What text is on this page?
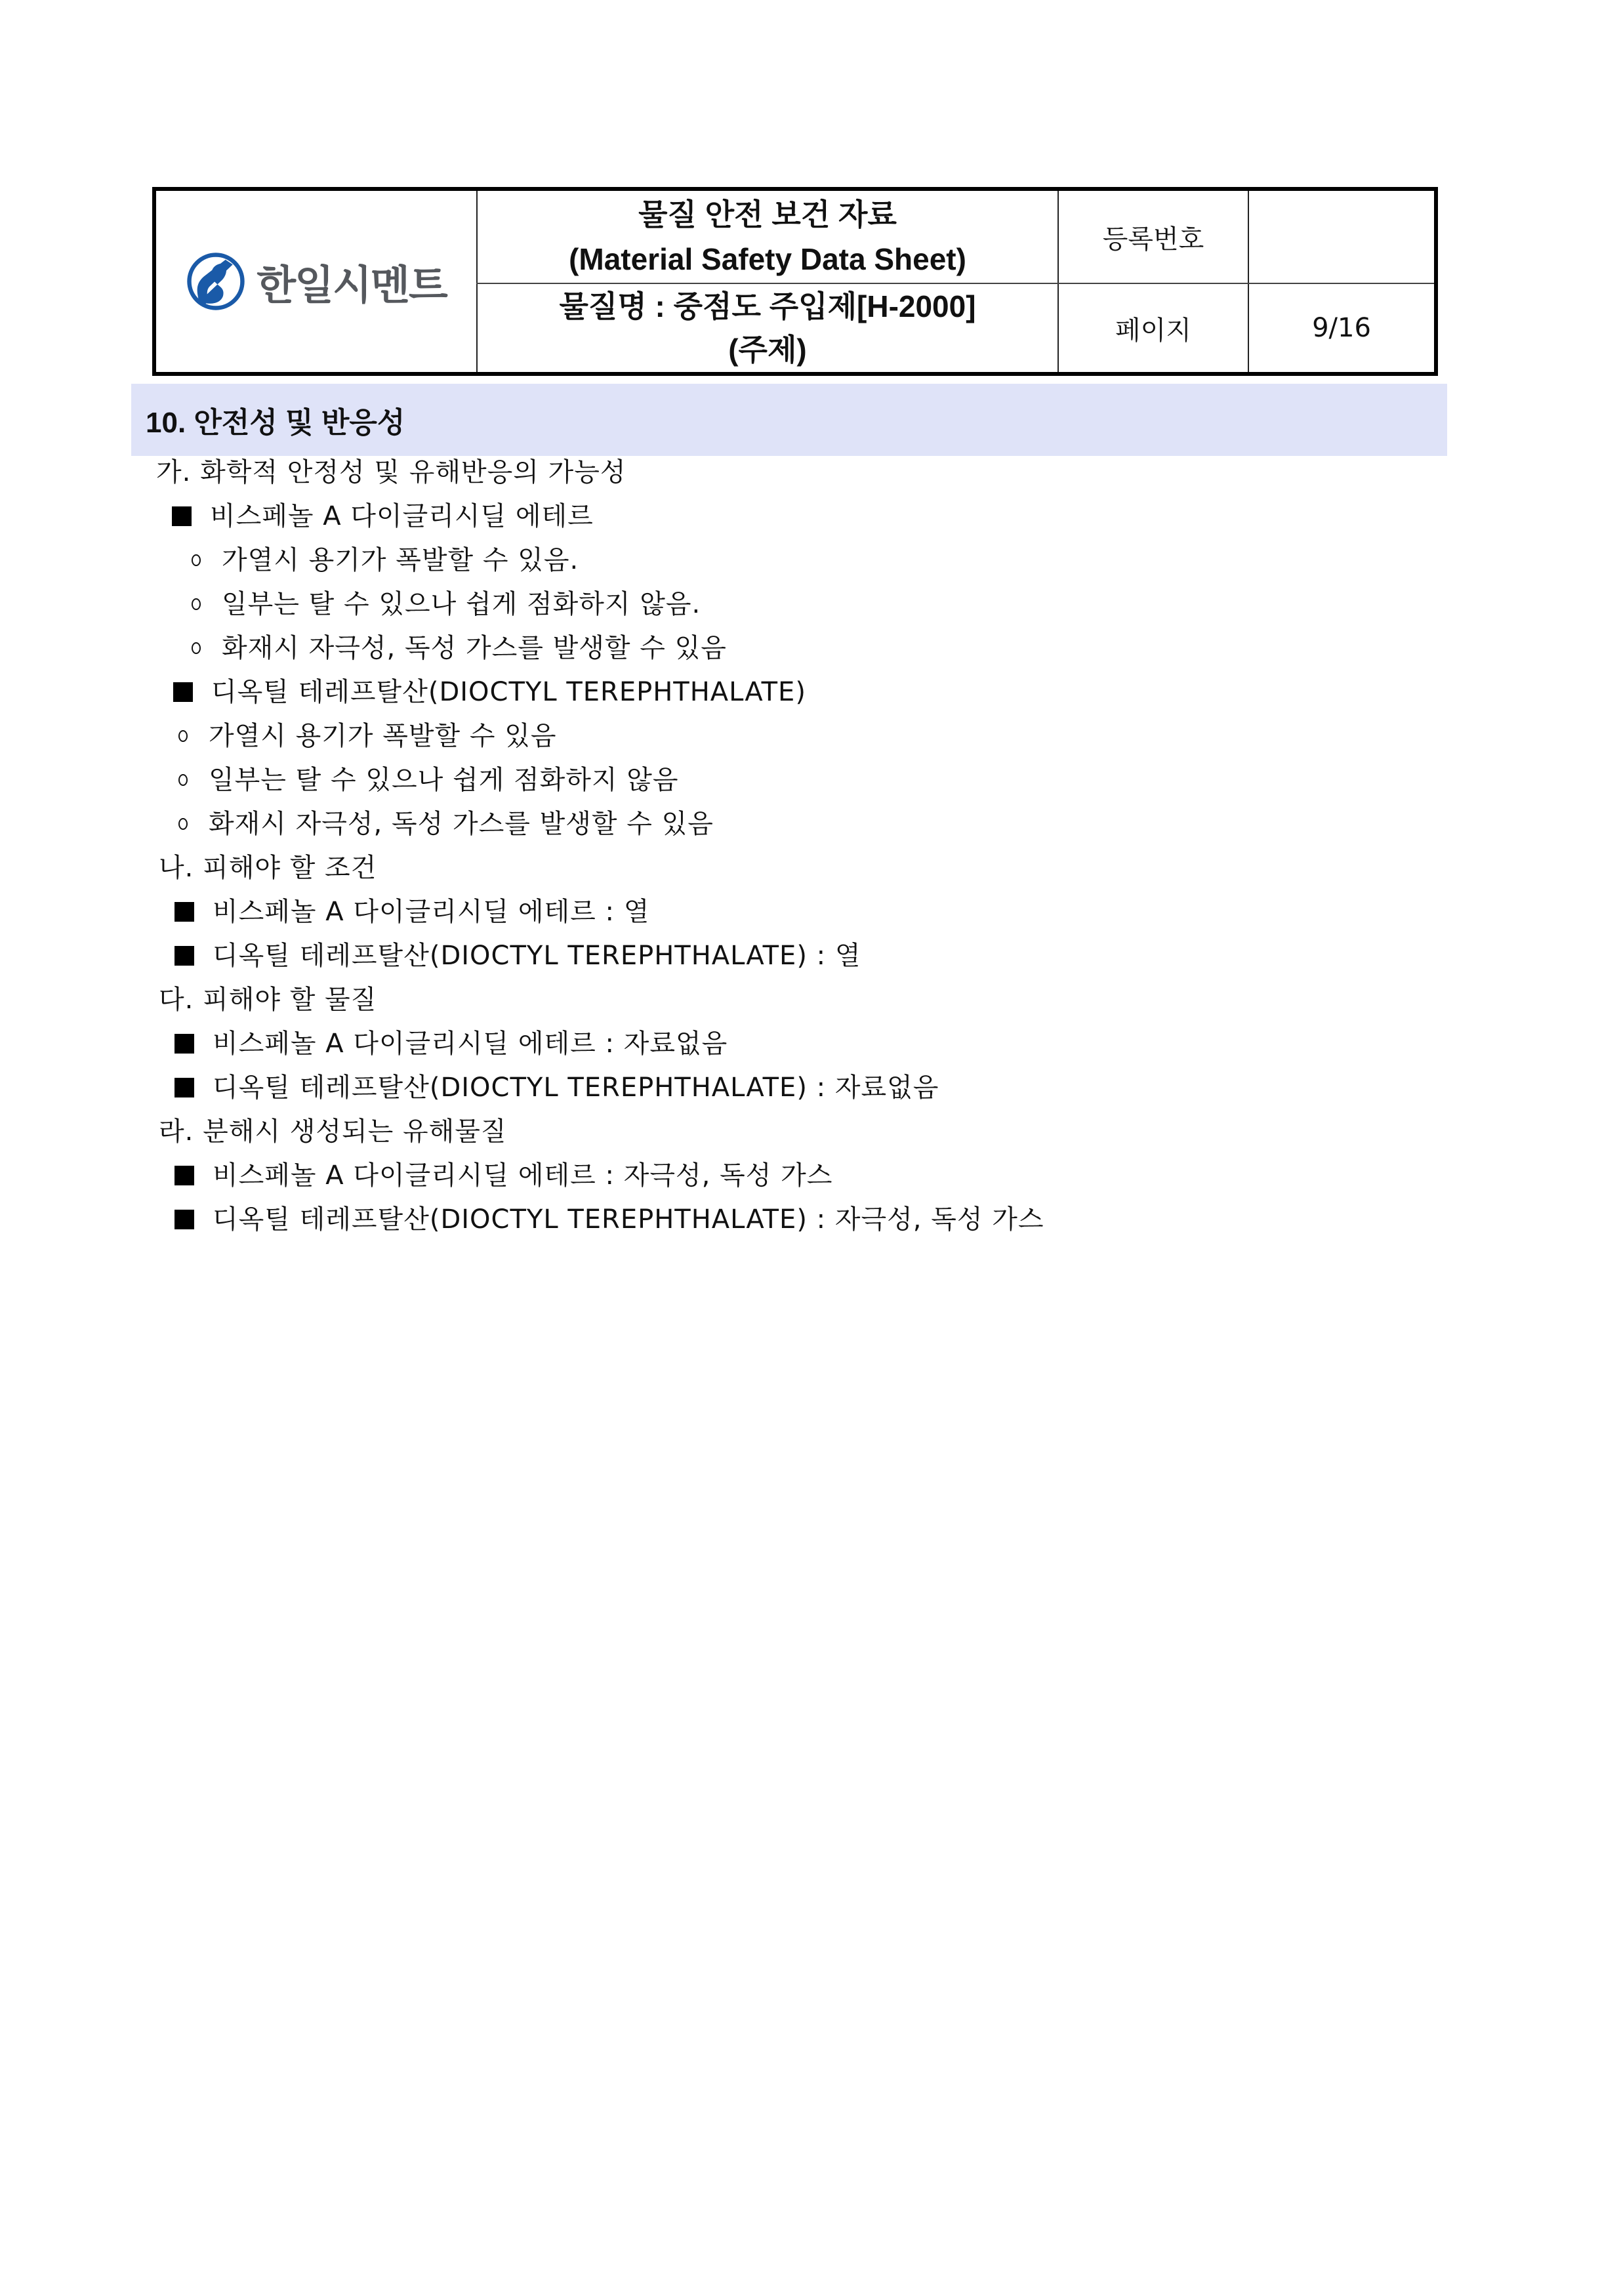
한일시멘트
물질 안전 보건 자료
(Material Safety Data Sheet)
물질명 : 중점도 주입제[H-2000]
(주제)
등록번호
페이지	9/16
10. 안전성 및 반응성
가. 화학적 안정성 및 유해반응의 가능성
비스페놀 A 다이글리시딜 에테르
가열시 용기가 폭발할 수 있음.
일부는 탈 수 있으나 쉽게 점화하지 않음.
화재시 자극성, 독성 가스를 발생할 수 있음
디옥틸 테레프탈산(DIOCTYL TEREPHTHALATE)
가열시 용기가 폭발할 수 있음
일부는 탈 수 있으나 쉽게 점화하지 않음
화재시 자극성, 독성 가스를 발생할 수 있음
나. 피해야 할 조건
비스페놀 A 다이글리시딜 에테르 : 열
디옥틸 테레프탈산(DIOCTYL TEREPHTHALATE) : 열
다. 피해야 할 물질
비스페놀 A 다이글리시딜 에테르 : 자료없음
디옥틸 테레프탈산(DIOCTYL TEREPHTHALATE) : 자료없음
라. 분해시 생성되는 유해물질
비스페놀 A 다이글리시딜 에테르 : 자극성, 독성 가스
디옥틸 테레프탈산(DIOCTYL TEREPHTHALATE) : 자극성, 독성 가스
